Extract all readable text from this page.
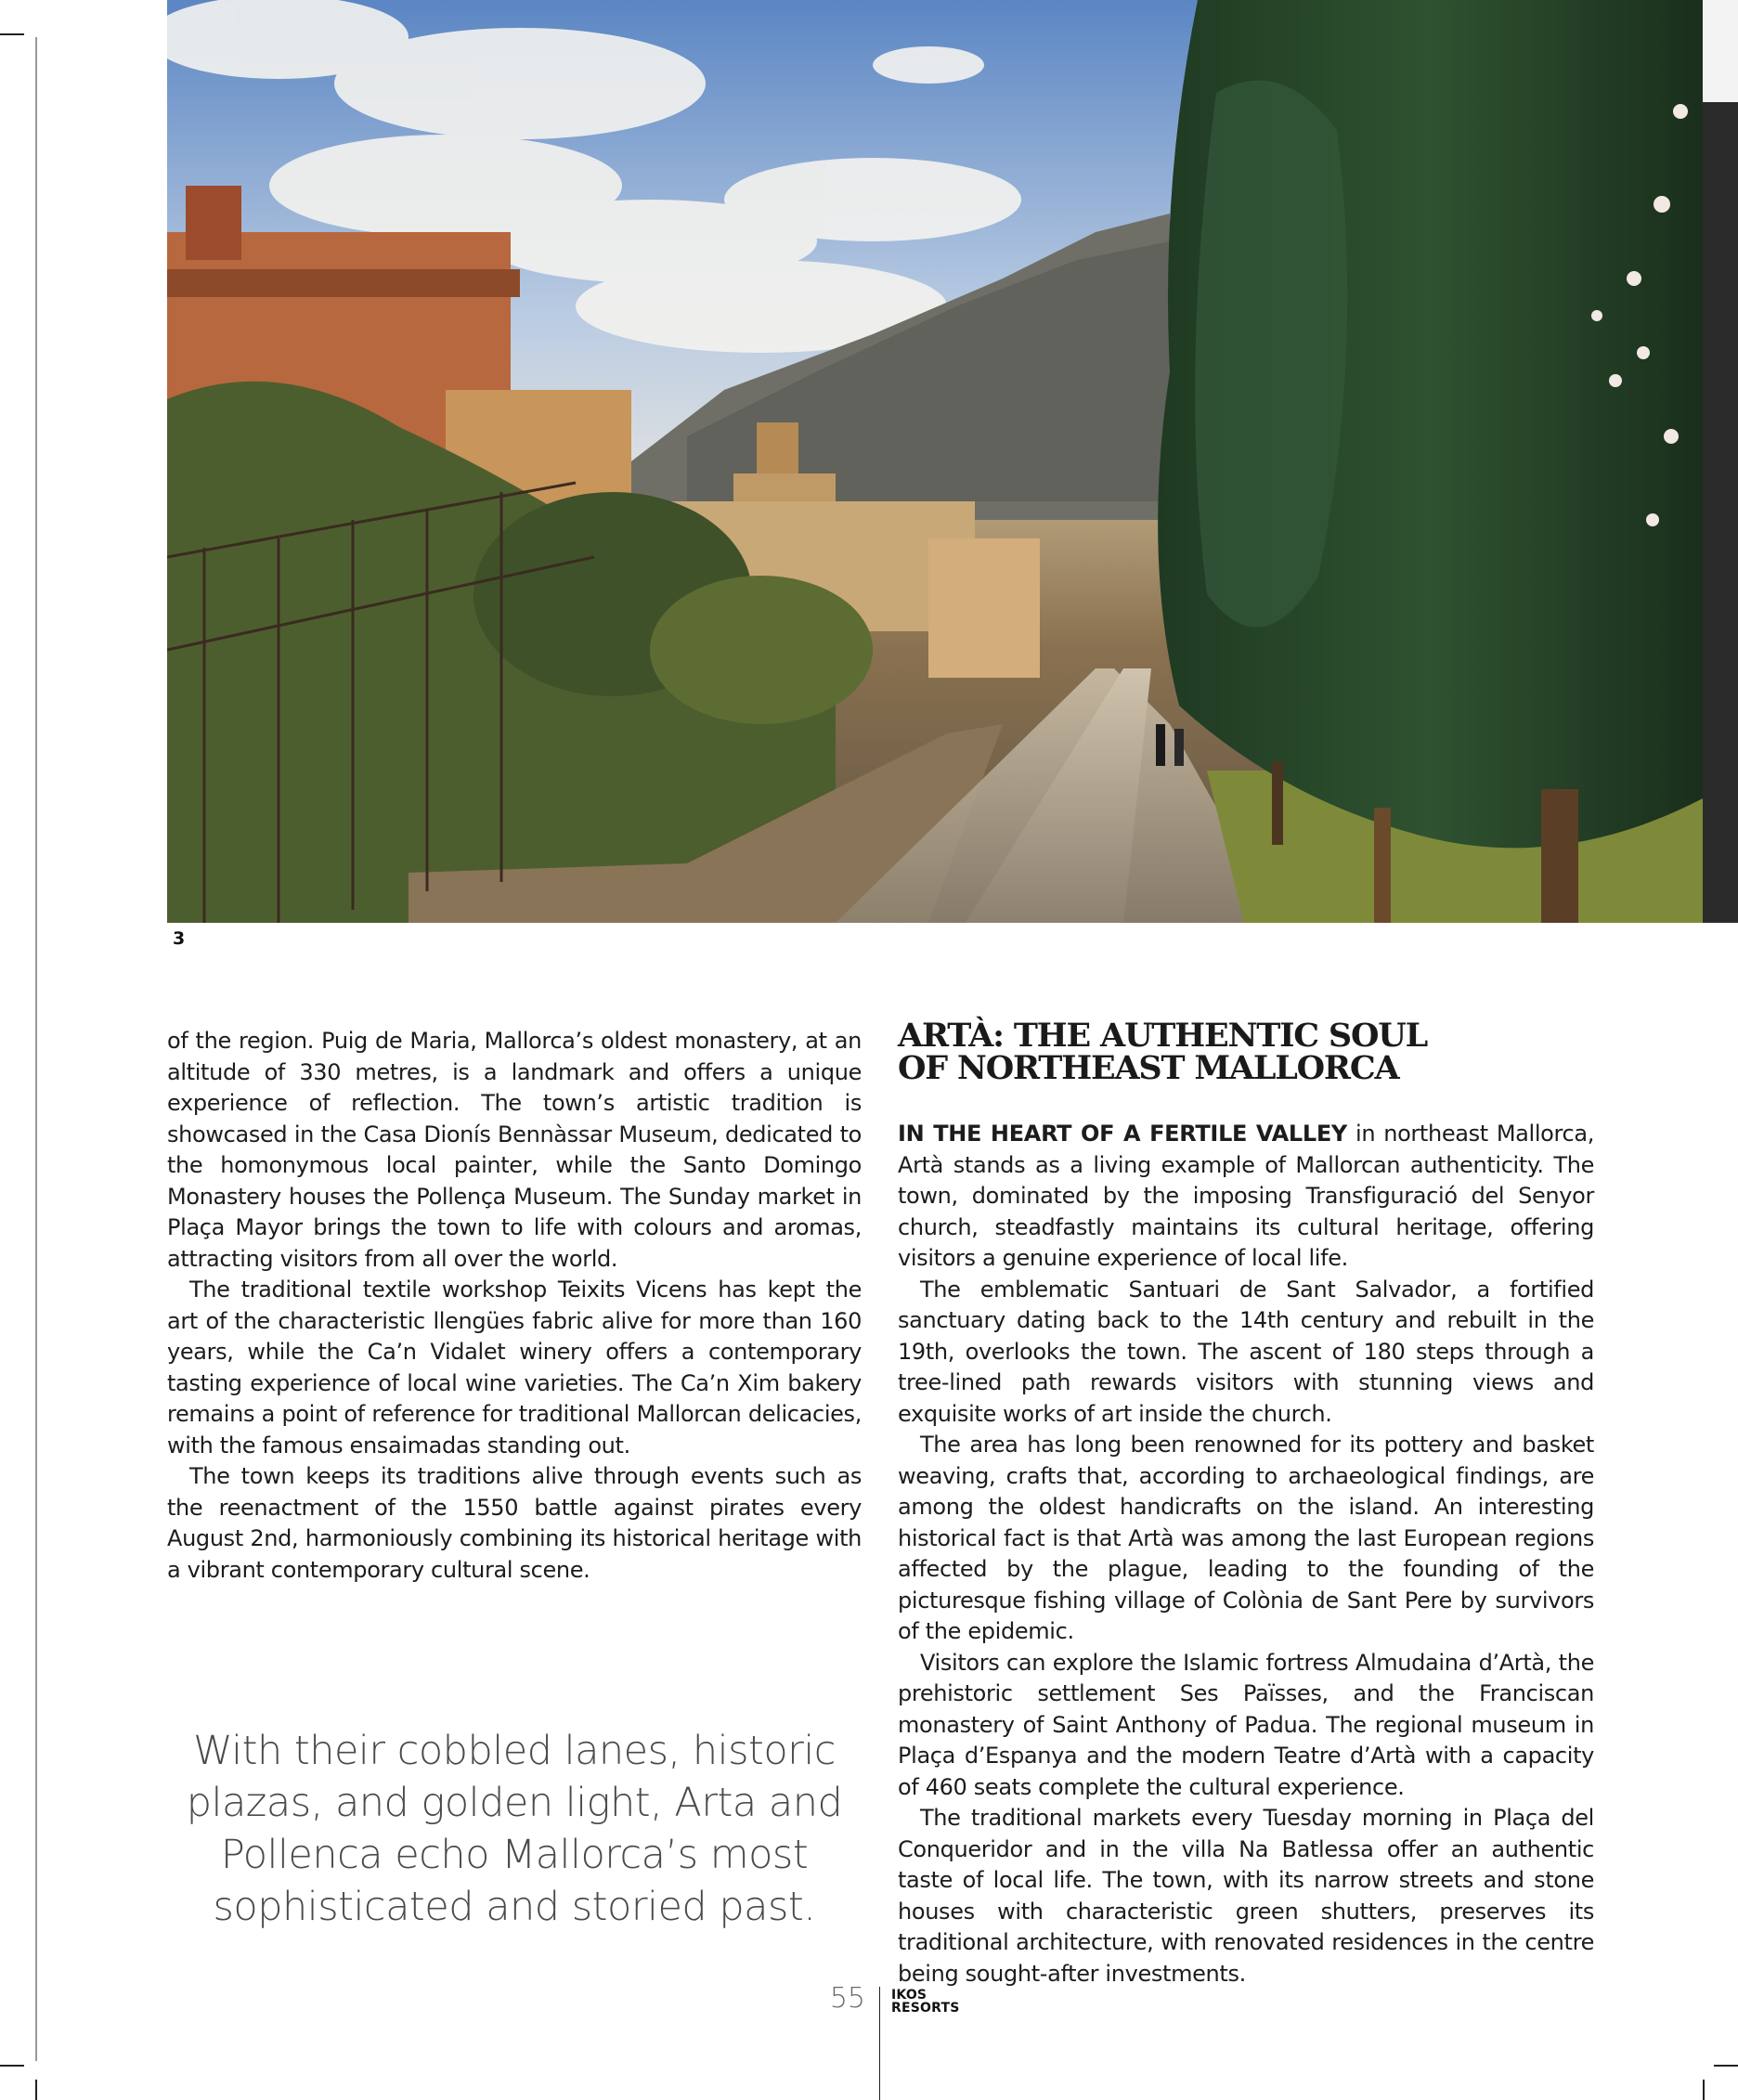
3

of the region. Puig de Maria, Mallorca’s oldest monastery, at an altitude of 330 metres, is a landmark and offers a unique experience of reflection. The town’s artistic tradition is showcased in the Casa Dionís Bennàssar Museum, dedicated to the homonymous local painter, while the Santo Domingo Monastery houses the Pollença Museum. The Sunday market in Plaça Mayor brings the town to life with colours and aromas, attracting visitors from all over the world.

The traditional textile workshop Teixits Vicens has kept the art of the characteristic llengües fabric alive for more than 160 years, while the Ca’n Vidalet winery offers a contemporary tasting experience of local wine varieties. The Ca’n Xim bakery remains a point of reference for traditional Mallorcan delicacies, with the famous ensaimadas standing out.

The town keeps its traditions alive through events such as the reenactment of the 1550 battle against pirates every August 2nd, harmoniously combining its historical heritage with a vibrant contemporary cultural scene.

With their cobbled lanes, historic plazas, and golden light, Arta and Pollenca echo Mallorca’s most sophisticated and storied past.
ARTÀ: THE AUTHENTIC SOUL
OF NORTHEAST MALLORCA

IN THE HEART OF A FERTILE VALLEY in northeast Mallorca, Artà stands as a living example of Mallorcan authenticity. The town, dominated by the imposing Transfiguració del Senyor church, steadfastly maintains its cultural heritage, offering visitors a genuine experience of local life.

The emblematic Santuari de Sant Salvador, a fortified sanctuary dating back to the 14th century and rebuilt in the 19th, overlooks the town. The ascent of 180 steps through a tree-lined path rewards visitors with stunning views and exquisite works of art inside the church.

The area has long been renowned for its pottery and basket weaving, crafts that, according to archaeological findings, are among the oldest handicrafts on the island. An interesting historical fact is that Artà was among the last European regions affected by the plague, leading to the founding of the picturesque fishing village of Colònia de Sant Pere by survivors of the epidemic.

Visitors can explore the Islamic fortress Almudaina d’Artà, the prehistoric settlement Ses Païsses, and the Franciscan monastery of Saint Anthony of Padua. The regional museum in Plaça d’Espanya and the modern Teatre d’Artà with a capacity of 460 seats complete the cultural experience.

The traditional markets every Tuesday morning in Plaça del Conqueridor and in the villa Na Batlessa offer an authentic taste of local life. The town, with its narrow streets and stone houses with characteristic green shutters, preserves its traditional architecture, with renovated residences in the centre being sought-after investments.

55 IKOS
RESORTS
